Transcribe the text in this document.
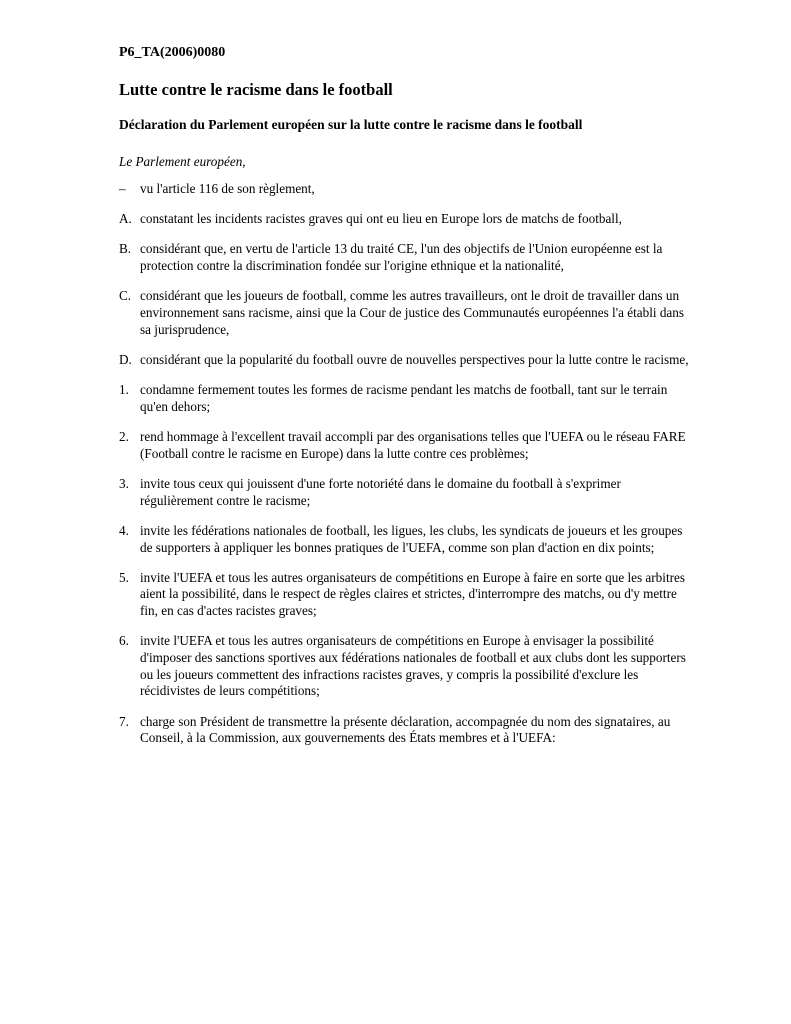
P6_TA(2006)0080

Lutte contre le racisme dans le football
Déclaration du Parlement européen sur la lutte contre le racisme dans le football

Le Parlement européen,

–	vu l'article 116 de son règlement,
A. constatant les incidents racistes graves qui ont eu lieu en Europe lors de matchs de football,
B. considérant que, en vertu de l'article 13 du traité CE, l'un des objectifs de l'Union européenne est la protection contre la discrimination fondée sur l'origine ethnique et la nationalité,
C. considérant que les joueurs de football, comme les autres travailleurs, ont le droit de travailler dans un environnement sans racisme, ainsi que la Cour de justice des Communautés européennes l'a établi dans sa jurisprudence,
D. considérant que la popularité du football ouvre de nouvelles perspectives pour la lutte contre le racisme,
1. condamne fermement toutes les formes de racisme pendant les matchs de football, tant sur le terrain qu'en dehors;
2. rend hommage à l'excellent travail accompli par des organisations telles que l'UEFA ou le réseau FARE (Football contre le racisme en Europe) dans la lutte contre ces problèmes;
3. invite tous ceux qui jouissent d'une forte notoriété dans le domaine du football à s'exprimer régulièrement contre le racisme;
4. invite les fédérations nationales de football, les ligues, les clubs, les syndicats de joueurs et les groupes de supporters à appliquer les bonnes pratiques de l'UEFA, comme son plan d'action en dix points;
5. invite l'UEFA et tous les autres organisateurs de compétitions en Europe à faire en sorte que les arbitres aient la possibilité, dans le respect de règles claires et strictes, d'interrompre des matchs, ou d'y mettre fin, en cas d'actes racistes graves;
6. invite l'UEFA et tous les autres organisateurs de compétitions en Europe à envisager la possibilité d'imposer des sanctions sportives aux fédérations nationales de football et aux clubs dont les supporters ou les joueurs commettent des infractions racistes graves, y compris la possibilité d'exclure les récidivistes de leurs compétitions;
7. charge son Président de transmettre la présente déclaration, accompagnée du nom des signataires, au Conseil, à la Commission, aux gouvernements des États membres et à l'UEFA:
